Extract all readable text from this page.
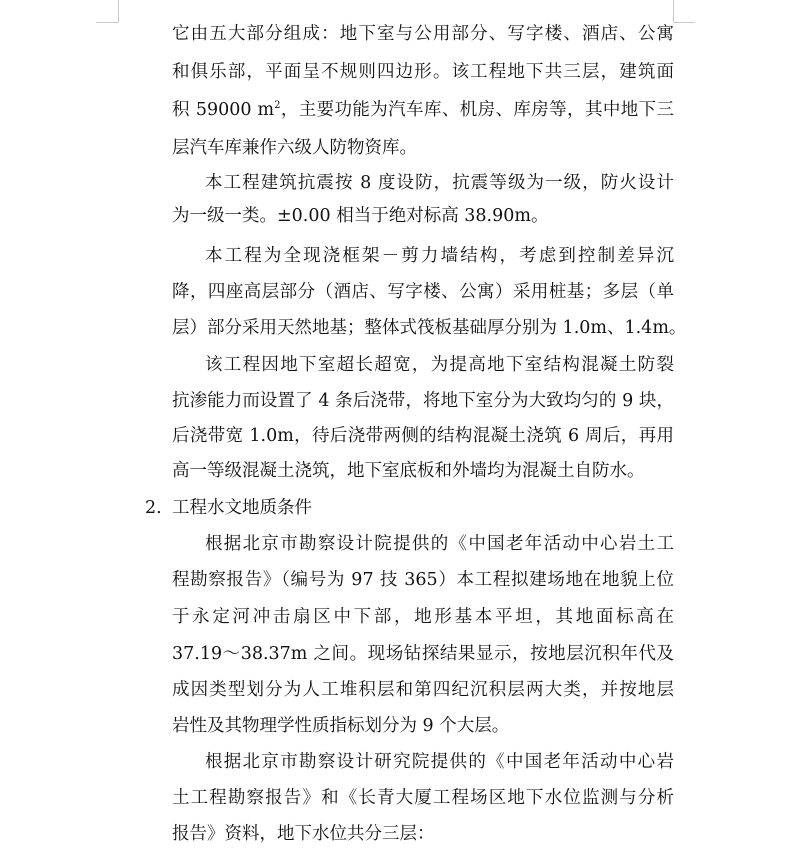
它由五大部分组成：地下室与公用部分、写字楼、酒店、公寓
和俱乐部，平面呈不规则四边形。该工程地下共三层，建筑面
积 59000 $m^2$，主要功能为汽车库、机房、库房等，其中地下三
层汽车库兼作六级人防物资库。
本工程建筑抗震按 8 度设防，抗震等级为一级，防火设计
为一级一类。±0.00 相当于绝对标高 38.90m。
本工程为全现浇框架－剪力墙结构，考虑到控制差异沉
降，四座高层部分（酒店、写字楼、公寓）采用桩基；多层（单
层）部分采用天然地基；整体式筏板基础厚分别为 1.0m、1.4m。
该工程因地下室超长超宽，为提高地下室结构混凝土防裂
抗渗能力而设置了 4 条后浇带，将地下室分为大致均匀的 9 块，
后浇带宽 1.0m，待后浇带两侧的结构混凝土浇筑 6 周后，再用
高一等级混凝土浇筑，地下室底板和外墙均为混凝土自防水。
2. 工程水文地质条件
根据北京市勘察设计院提供的《中国老年活动中心岩土工
程勘察报告》（编号为 97 技 365）本工程拟建场地在地貌上位
于永定河冲击扇区中下部，地形基本平坦，其地面标高在
37.19～38.37m 之间。现场钻探结果显示，按地层沉积年代及
成因类型划分为人工堆积层和第四纪沉积层两大类，并按地层
岩性及其物理学性质指标划分为 9 个大层。
根据北京市勘察设计研究院提供的《中国老年活动中心岩
土工程勘察报告》和《长青大厦工程场区地下水位监测与分析
报告》资料，地下水位共分三层：
